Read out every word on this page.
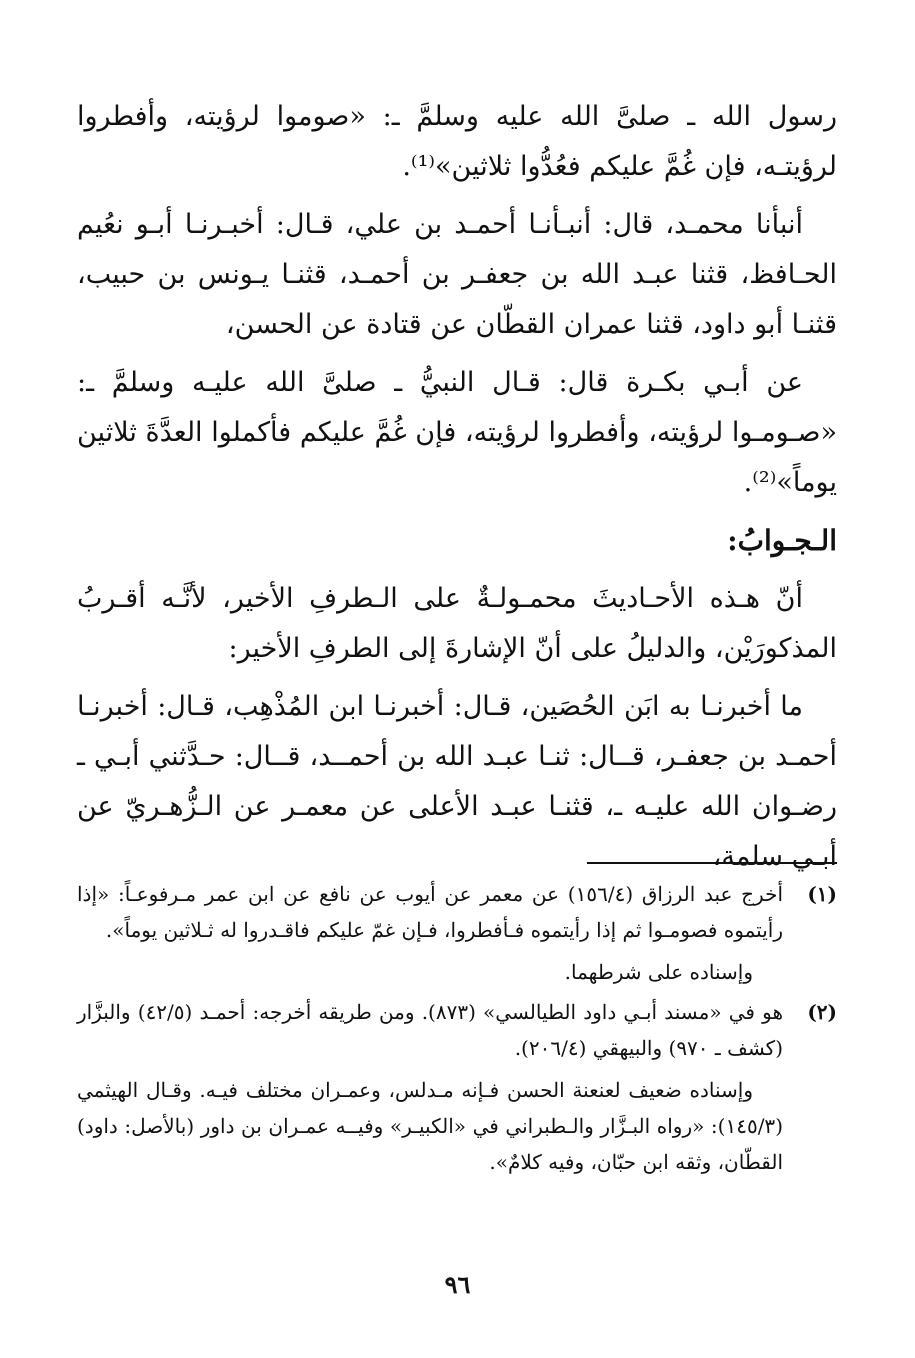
رسول الله ـ صلىَّ الله عليه وسلمَّ ـ: «صوموا لرؤيته، وأفطروا لرؤيتـه، فإن غُمَّ عليكم فعُدُّوا ثلاثين»⁽¹⁾.

أنبأنا محمـد، قال: أنبـأنـا أحمـد بن علي، قـال: أخبـرنـا أبـو نعُيم الحـافظ، قثنا عبـد الله بن جعفـر بن أحمـد، قثنـا يـونس بن حبيب، قثنـا أبو داود، قثنا عمران القطّان عن قتادة عن الحسن،

عن أبـي بكـرة قال: قـال النبيُّ ـ صلىَّ الله عليـه وسلمَّ ـ: «صـومـوا لرؤيته، وأفطروا لرؤيته، فإن غُمَّ عليكم فأكملوا العدَّةَ ثلاثين يوماً»⁽²⁾.

الـجـوابُ:

أنّ هـذه الأحـاديثَ محمـولـةٌ على الـطرفِ الأخير، لأنَّـه أقـربُ المذكورَيْن، والدليلُ على أنّ الإشارةَ إلى الطرفِ الأخير:

ما أخبرنـا به ابَن الحُصَين، قـال: أخبرنـا ابن المُذْهِب، قـال: أخبرنـا أحمـد بن جعفـر، قــال: ثنـا عبـد الله بن أحمــد، قــال: حـدَّثني أبـي ـ رضـوان الله عليـه ـ، قثنـا عبـد الأعلى عن معمـر عن الـزُّهـريّ عن أبـي سلمة،

(١)

أخرج عبد الرزاق (١٥٦/٤) عن معمر عن أيوب عن نافع عن ابن عمر مـرفوعـاً: «إذا رأيتموه فصومـوا ثم إذا رأيتموه فـأفطروا، فـإن غمّ عليكم فاقـدروا له ثـلاثين يوماً».

وإسناده على شرطهما.

(٢)

هو في «مسند أبـي داود الطيالسي» (٨٧٣). ومن طريقه أخرجه: أحمـد (٤٢/٥) والبزَّار (كشف ـ ٩٧٠) والبيهقي (٢٠٦/٤).

وإسناده ضعيف لعنعنة الحسن فـإنه مـدلس، وعمـران مختلف فيـه. وقـال الهيثمي (١٤٥/٣): «رواه البـزَّار والـطبراني في «الكبيـر» وفيــه عمـران بن داور (بالأصل: داود) القطّان، وثقه ابن حبّان، وفيه كلامٌ».

٩٦
